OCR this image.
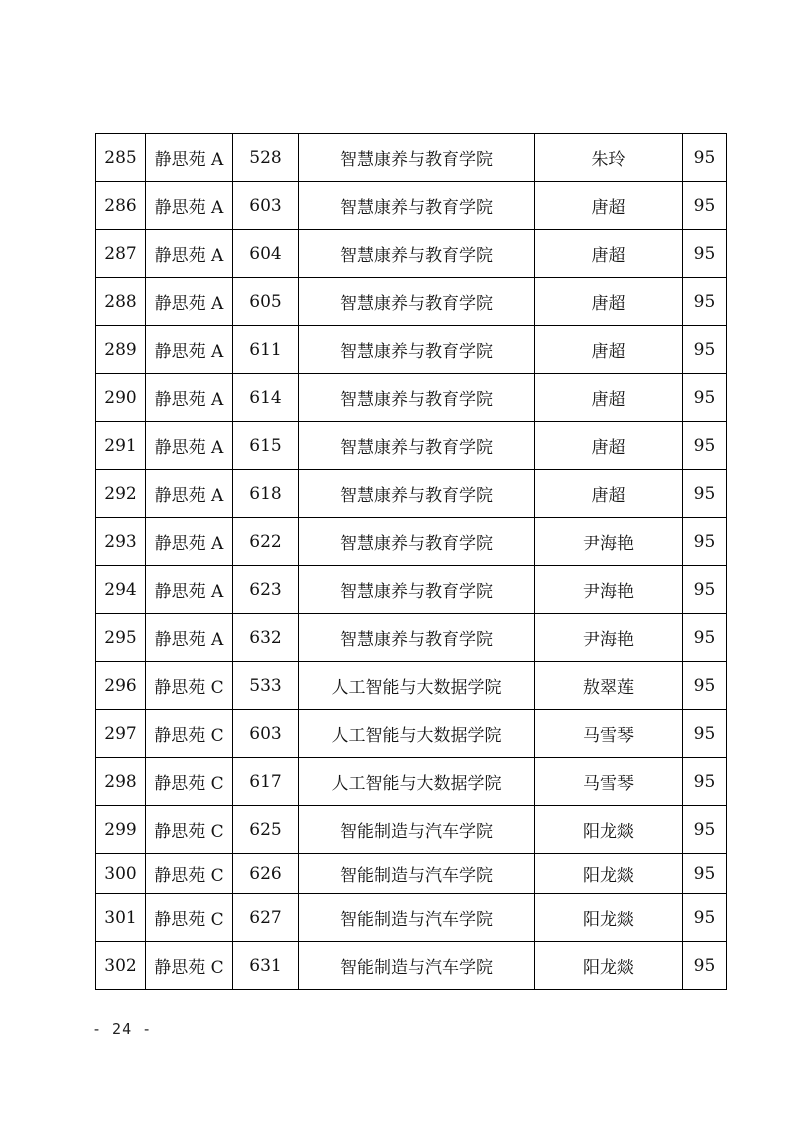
285	静思苑 A	528	智慧康养与教育学院	朱玲	95
286	静思苑 A	603	智慧康养与教育学院	唐超	95
287	静思苑 A	604	智慧康养与教育学院	唐超	95
288	静思苑 A	605	智慧康养与教育学院	唐超	95
289	静思苑 A	611	智慧康养与教育学院	唐超	95
290	静思苑 A	614	智慧康养与教育学院	唐超	95
291	静思苑 A	615	智慧康养与教育学院	唐超	95
292	静思苑 A	618	智慧康养与教育学院	唐超	95
293	静思苑 A	622	智慧康养与教育学院	尹海艳	95
294	静思苑 A	623	智慧康养与教育学院	尹海艳	95
295	静思苑 A	632	智慧康养与教育学院	尹海艳	95
296	静思苑 C	533	人工智能与大数据学院	敖翠莲	95
297	静思苑 C	603	人工智能与大数据学院	马雪琴	95
298	静思苑 C	617	人工智能与大数据学院	马雪琴	95
299	静思苑 C	625	智能制造与汽车学院	阳龙燚	95
300	静思苑 C	626	智能制造与汽车学院	阳龙燚	95
301	静思苑 C	627	智能制造与汽车学院	阳龙燚	95
302	静思苑 C	631	智能制造与汽车学院	阳龙燚	95
- 24 -
